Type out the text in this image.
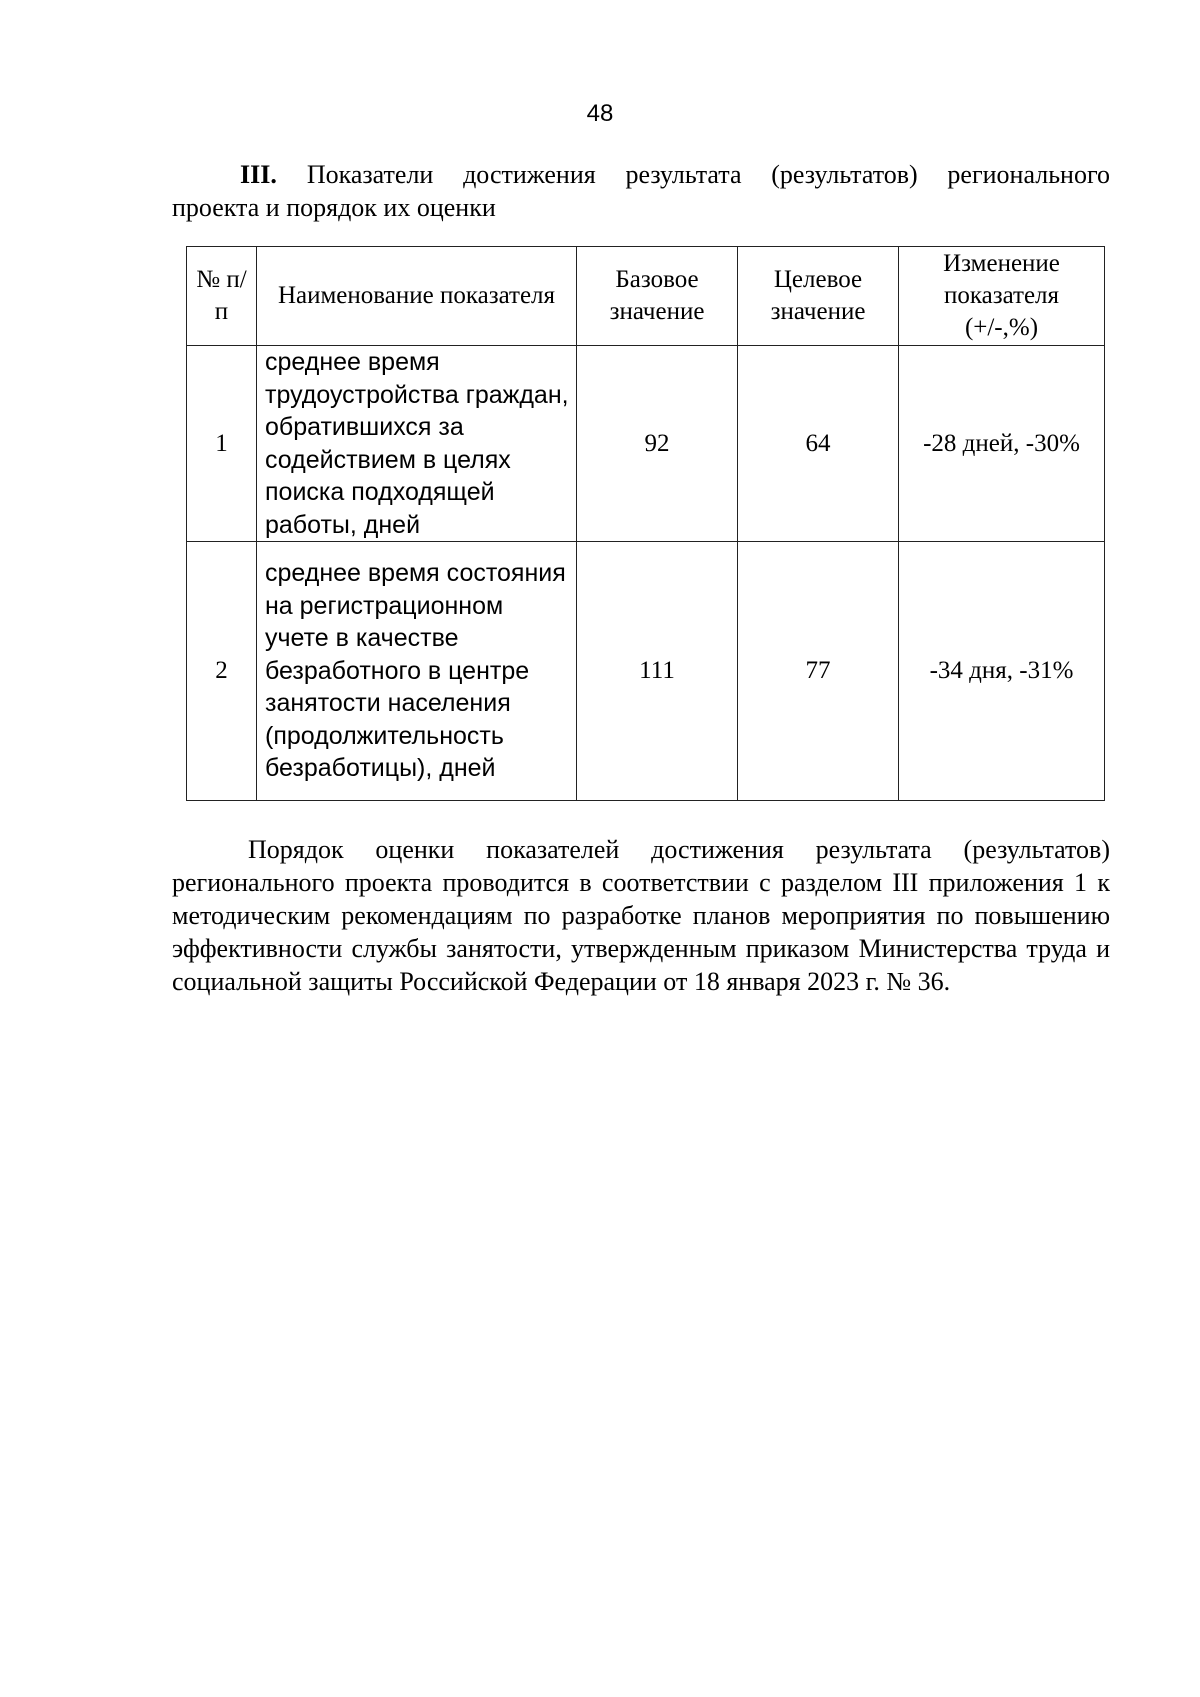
48
III. Показатели достижения результата (результатов) регионального проекта и порядок их оценки
№ п/п	Наименование показателя	Базовое значение	Целевое значение	Изменение показателя (+/-,%)
1	среднее время трудоустройства граждан, обратившихся за содействием в целях поиска подходящей работы, дней	92	64	-28 дней, -30%
2	среднее время состояния на регистрационном учете в качестве безработного в центре занятости населения (продолжительность безработицы), дней	111	77	-34 дня, -31%
Порядок оценки показателей достижения результата (результатов) регионального проекта проводится в соответствии с разделом III приложения 1 к методическим рекомендациям по разработке планов мероприятия по повышению эффективности службы занятости, утвержденным приказом Министерства труда и социальной защиты Российской Федерации от 18 января 2023 г. № 36.
